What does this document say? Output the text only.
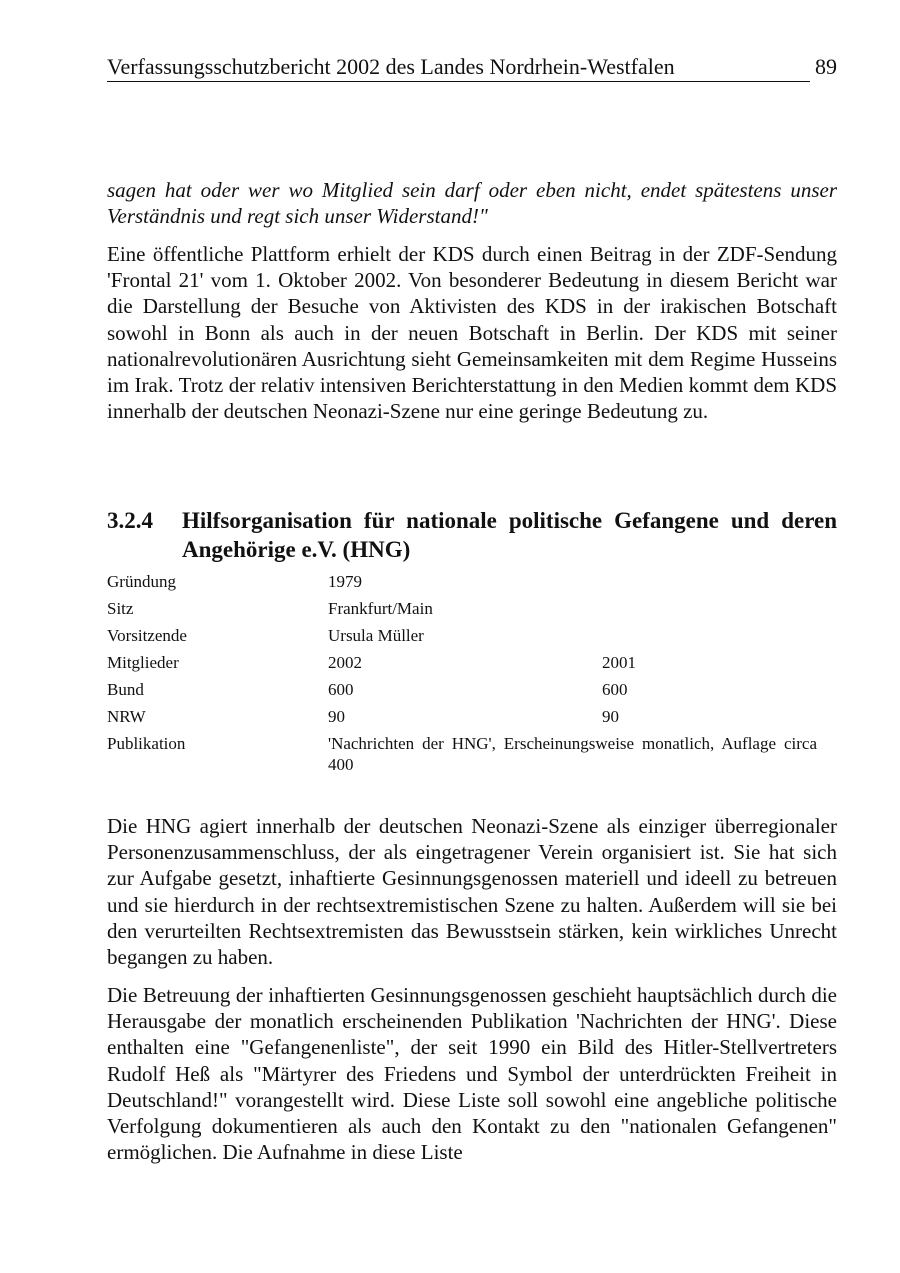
Verfassungsschutzbericht 2002 des Landes Nordrhein-Westfalen	89

sagen hat oder wer wo Mitglied sein darf oder eben nicht, endet spätestens unser Verständnis und regt sich unser Widerstand!"

Eine öffentliche Plattform erhielt der KDS durch einen Beitrag in der ZDF-Sendung 'Frontal 21' vom 1. Oktober 2002. Von besonderer Bedeutung in diesem Bericht war die Darstellung der Besuche von Aktivisten des KDS in der irakischen Botschaft sowohl in Bonn als auch in der neuen Botschaft in Berlin. Der KDS mit seiner nationalrevolutionären Ausrichtung sieht Gemeinsamkeiten mit dem Regime Husseins im Irak. Trotz der relativ intensiven Berichterstattung in den Medien kommt dem KDS innerhalb der deutschen Neonazi-Szene nur eine geringe Bedeutung zu.

3.2.4 Hilfsorganisation für nationale politische Gefangene und deren Angehörige e.V. (HNG)
Gründung	1979
Sitz	Frankfurt/Main
Vorsitzende	Ursula Müller
Mitglieder	2002	2001
Bund	600	600
NRW	90	90
Publikation	'Nachrichten der HNG', Erscheinungsweise monatlich, Auflage circa 400

Die HNG agiert innerhalb der deutschen Neonazi-Szene als einziger überregionaler Personenzusammenschluss, der als eingetragener Verein organisiert ist. Sie hat sich zur Aufgabe gesetzt, inhaftierte Gesinnungsgenossen materiell und ideell zu betreuen und sie hierdurch in der rechtsextremistischen Szene zu halten. Außerdem will sie bei den verurteilten Rechtsextremisten das Bewusstsein stärken, kein wirkliches Unrecht begangen zu haben.

Die Betreuung der inhaftierten Gesinnungsgenossen geschieht hauptsächlich durch die Herausgabe der monatlich erscheinenden Publikation 'Nachrichten der HNG'. Diese enthalten eine "Gefangenenliste", der seit 1990 ein Bild des Hitler-Stellvertreters Rudolf Heß als "Märtyrer des Friedens und Symbol der unterdrückten Freiheit in Deutschland!" vorangestellt wird. Diese Liste soll sowohl eine angebliche politische Verfolgung dokumentieren als auch den Kontakt zu den "nationalen Gefangenen" ermöglichen. Die Aufnahme in diese Liste
